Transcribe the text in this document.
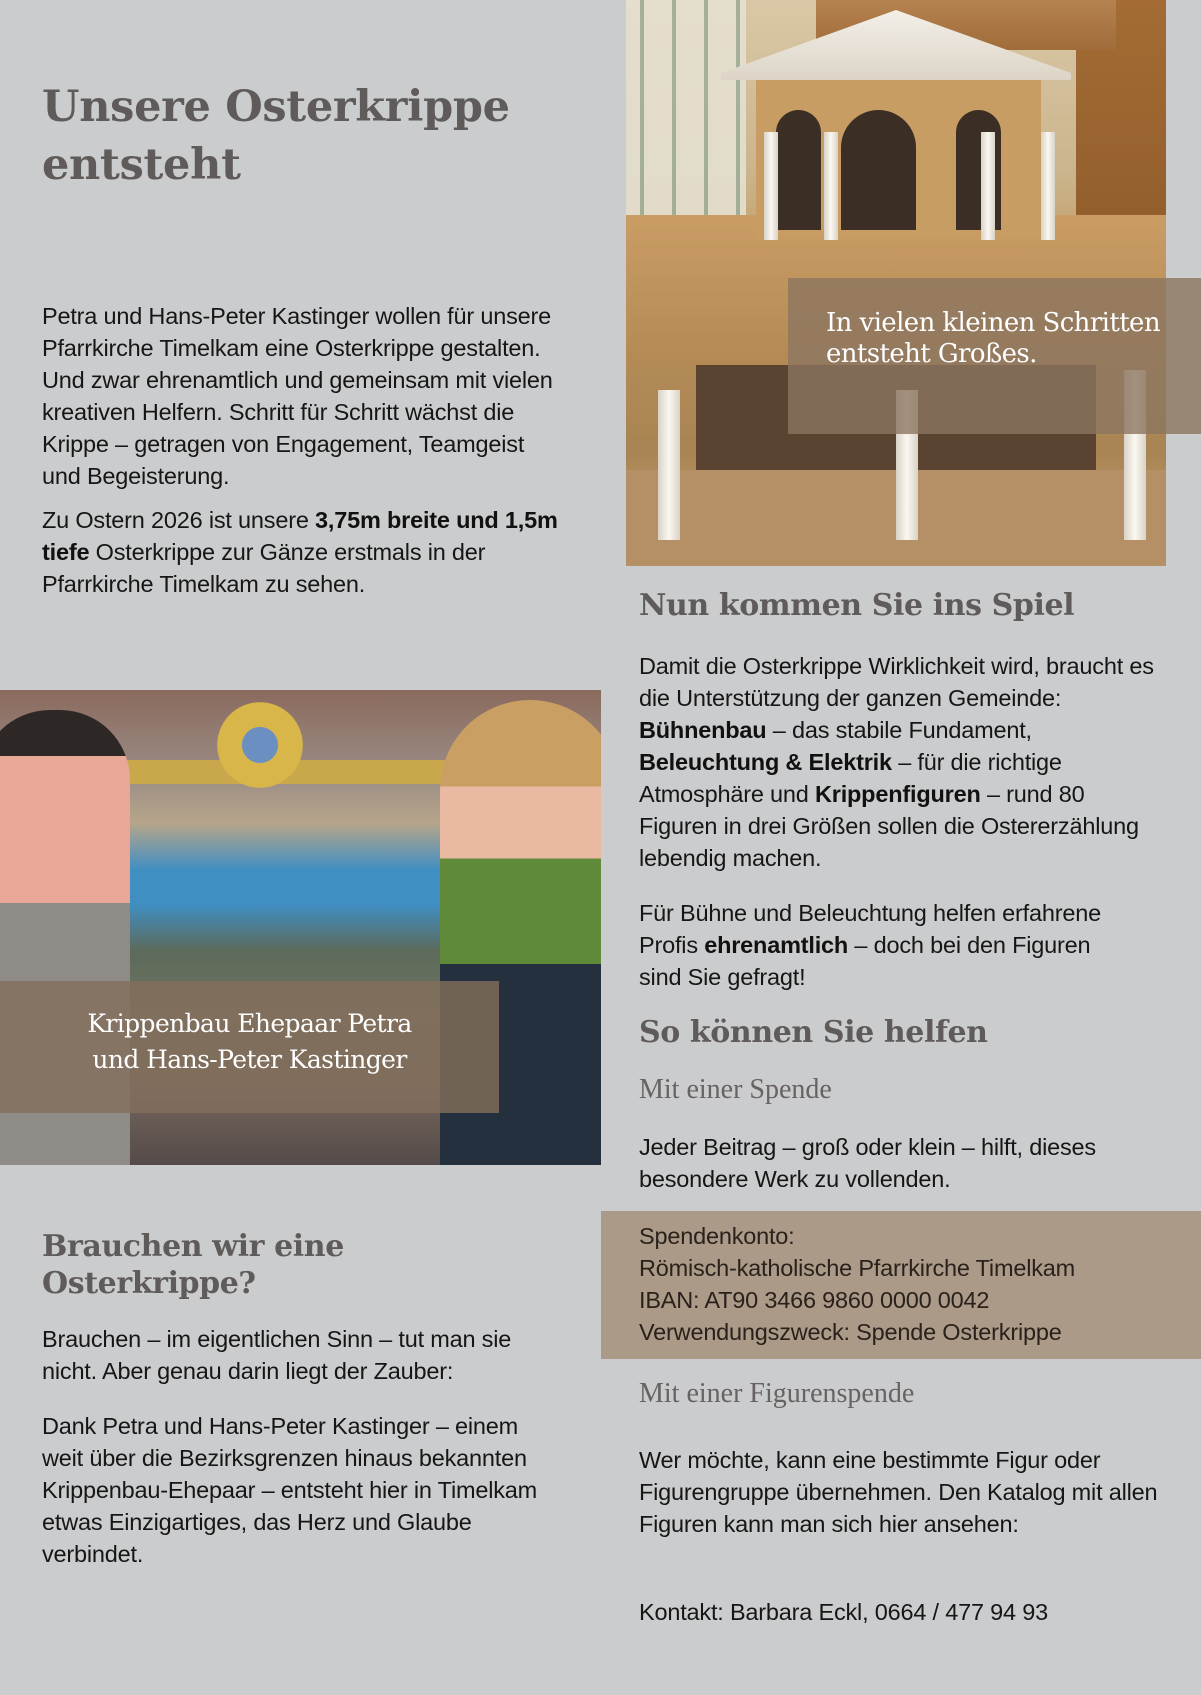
Unsere Osterkrippe
entsteht

Petra und Hans-Peter Kastinger wollen für unsere Pfarrkirche Timelkam eine Osterkrippe gestalten. Und zwar ehrenamtlich und gemeinsam mit vielen kreativen Helfern. Schritt für Schritt wächst die Krippe – getragen von Engagement, Teamgeist und Begeisterung.

Zu Ostern 2026 ist unsere 3,75m breite und 1,5m tiefe Osterkrippe zur Gänze erstmals in der Pfarrkirche Timelkam zu sehen.

In vielen kleinen Schritten entsteht Großes.
Krippenbau Ehepaar Petra
und Hans-Peter Kastinger
Brauchen wir eine
Osterkrippe?

Brauchen – im eigentlichen Sinn – tut man sie nicht. Aber genau darin liegt der Zauber:

Dank Petra und Hans-Peter Kastinger – einem weit über die Bezirksgrenzen hinaus bekannten Krippenbau-Ehepaar – entsteht hier in Timelkam etwas Einzigartiges, das Herz und Glaube verbindet.

Nun kommen Sie ins Spiel

Damit die Osterkrippe Wirklichkeit wird, braucht es die Unterstützung der ganzen Gemeinde: Bühnenbau – das stabile Fundament, Beleuchtung & Elektrik – für die richtige Atmosphäre und Krippenfiguren – rund 80 Figuren in drei Größen sollen die Ostererzählung lebendig machen.

Für Bühne und Beleuchtung helfen erfahrene Profis ehrenamtlich – doch bei den Figuren sind Sie gefragt!

So können Sie helfen
Mit einer Spende

Jeder Beitrag – groß oder klein – hilft, dieses besondere Werk zu vollenden.

Spendenkonto:
Römisch-katholische Pfarrkirche Timelkam
IBAN: AT90 3466 9860 0000 0042
Verwendungszweck: Spende Osterkrippe
Mit einer Figurenspende

Wer möchte, kann eine bestimmte Figur oder Figurengruppe übernehmen. Den Katalog mit allen Figuren kann man sich hier ansehen:

Kontakt: Barbara Eckl, 0664 / 477 94 93
